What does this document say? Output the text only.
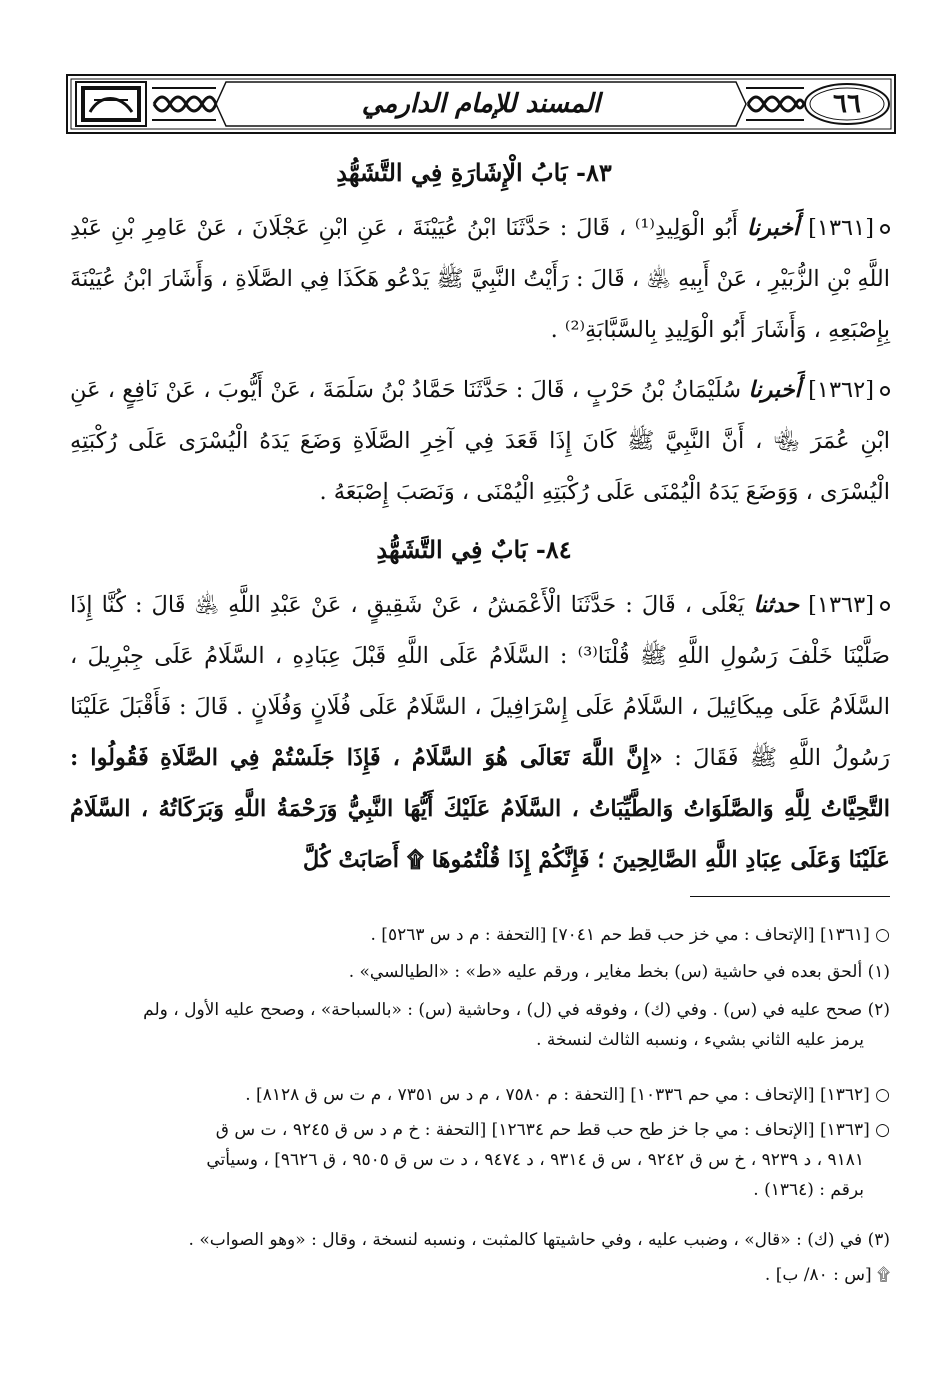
٦٦
المسند للإمام الدارمي
٨٣- بَابُ الْإِشَارَةِ فِي التَّشَهُّدِ
[١٣٦١] أَخبرنا أَبُو الْوَلِيدِ⁽¹⁾ ، قَالَ : حَدَّثَنَا ابْنُ عُيَيْنَةَ ، عَنِ ابْنِ عَجْلَانَ ، عَنْ عَامِرِ بْنِ عَبْدِ اللَّهِ بْنِ الزُّبَيْرِ ، عَنْ أَبِيهِ ﵁ ، قَالَ : رَأَيْتُ النَّبِيَّ ﷺ يَدْعُو هَكَذَا فِي الصَّلَاةِ ، وَأَشَارَ ابْنُ عُيَيْنَةَ بِإِصْبَعِهِ ، وَأَشَارَ أَبُو الْوَلِيدِ بِالسَّبَّابَةِ⁽²⁾ .
[١٣٦٢] أَخبرنا سُلَيْمَانُ بْنُ حَرْبٍ ، قَالَ : حَدَّثَنَا حَمَّادُ بْنُ سَلَمَةَ ، عَنْ أَيُّوبَ ، عَنْ نَافِعٍ ، عَنِ ابْنِ عُمَرَ ﵄ ، أَنَّ النَّبِيَّ ﷺ كَانَ إِذَا قَعَدَ فِي آخِرِ الصَّلَاةِ وَضَعَ يَدَهُ الْيُسْرَى عَلَى رُكْبَتِهِ الْيُسْرَى ، وَوَضَعَ يَدَهُ الْيُمْنَى عَلَى رُكْبَتِهِ الْيُمْنَى ، وَنَصَبَ إِصْبَعَهُ .
٨٤- بَابٌ فِي التَّشَهُّدِ
[١٣٦٣] حدثنا يَعْلَى ، قَالَ : حَدَّثَنَا الْأَعْمَشُ ، عَنْ شَقِيقٍ ، عَنْ عَبْدِ اللَّهِ ﵁ قَالَ : كُنَّا إِذَا صَلَّيْنَا خَلْفَ رَسُولِ اللَّهِ ﷺ قُلْنَا⁽³⁾ : السَّلَامُ عَلَى اللَّهِ قَبْلَ عِبَادِهِ ، السَّلَامُ عَلَى جِبْرِيلَ ، السَّلَامُ عَلَى مِيكَائِيلَ ، السَّلَامُ عَلَى إِسْرَافِيلَ ، السَّلَامُ عَلَى فُلَانٍ وَفُلَانٍ . قَالَ : فَأَقْبَلَ عَلَيْنَا رَسُولُ اللَّهِ ﷺ فَقَالَ : «إِنَّ اللَّهَ تَعَالَى هُوَ السَّلَامُ ، فَإِذَا جَلَسْتُمْ فِي الصَّلَاةِ فَقُولُوا : التَّحِيَّاتُ لِلَّهِ وَالصَّلَوَاتُ وَالطَّيِّبَاتُ ، السَّلَامُ عَلَيْكَ أَيُّهَا النَّبِيُّ وَرَحْمَةُ اللَّهِ وَبَرَكَاتُهُ ، السَّلَامُ عَلَيْنَا وَعَلَى عِبَادِ اللَّهِ الصَّالِحِينَ ؛ فَإِنَّكُمْ إِذَا قُلْتُمُوهَا ۩ أَصَابَتْ كُلَّ
○ [١٣٦١] [الإتحاف : مي خز حب قط حم ٧٠٤١] [التحفة : م د س ٥٢٦٣] .
(١) ألحق بعده في حاشية (س) بخط مغاير ، ورقم عليه «ط» : «الطيالسي» .
(٢) صحح عليه في (س) . وفي (ك) ، وفوقه في (ل) ، وحاشية (س) : «بالسباحة» ، وصحح عليه الأول ، ولم
يرمز عليه الثاني بشيء ، ونسبه الثالث لنسخة .
○ [١٣٦٢] [الإتحاف : مي حم ١٠٣٣٦] [التحفة : م ٧٥٨٠ ، م د س ٧٣٥١ ، م ت س ق ٨١٢٨] .
○ [١٣٦٣] [الإتحاف : مي جا خز طح حب قط حم ١٢٦٣٤] [التحفة : خ م د س ق ٩٢٤٥ ، ت س ق
٩١٨١ ، د ٩٢٣٩ ، خ س ق ٩٢٤٢ ، س ق ٩٣١٤ ، د ٩٤٧٤ ، د ت س ق ٩٥٠٥ ، ق ٩٦٢٦] ، وسيأتي
برقم : (١٣٦٤) .
(٣) في (ك) : «قال» ، وضبب عليه ، وفي حاشيتها كالمثبت ، ونسبه لنسخة ، وقال : «وهو الصواب» .
۩ [س : ٨٠/ ب] .
